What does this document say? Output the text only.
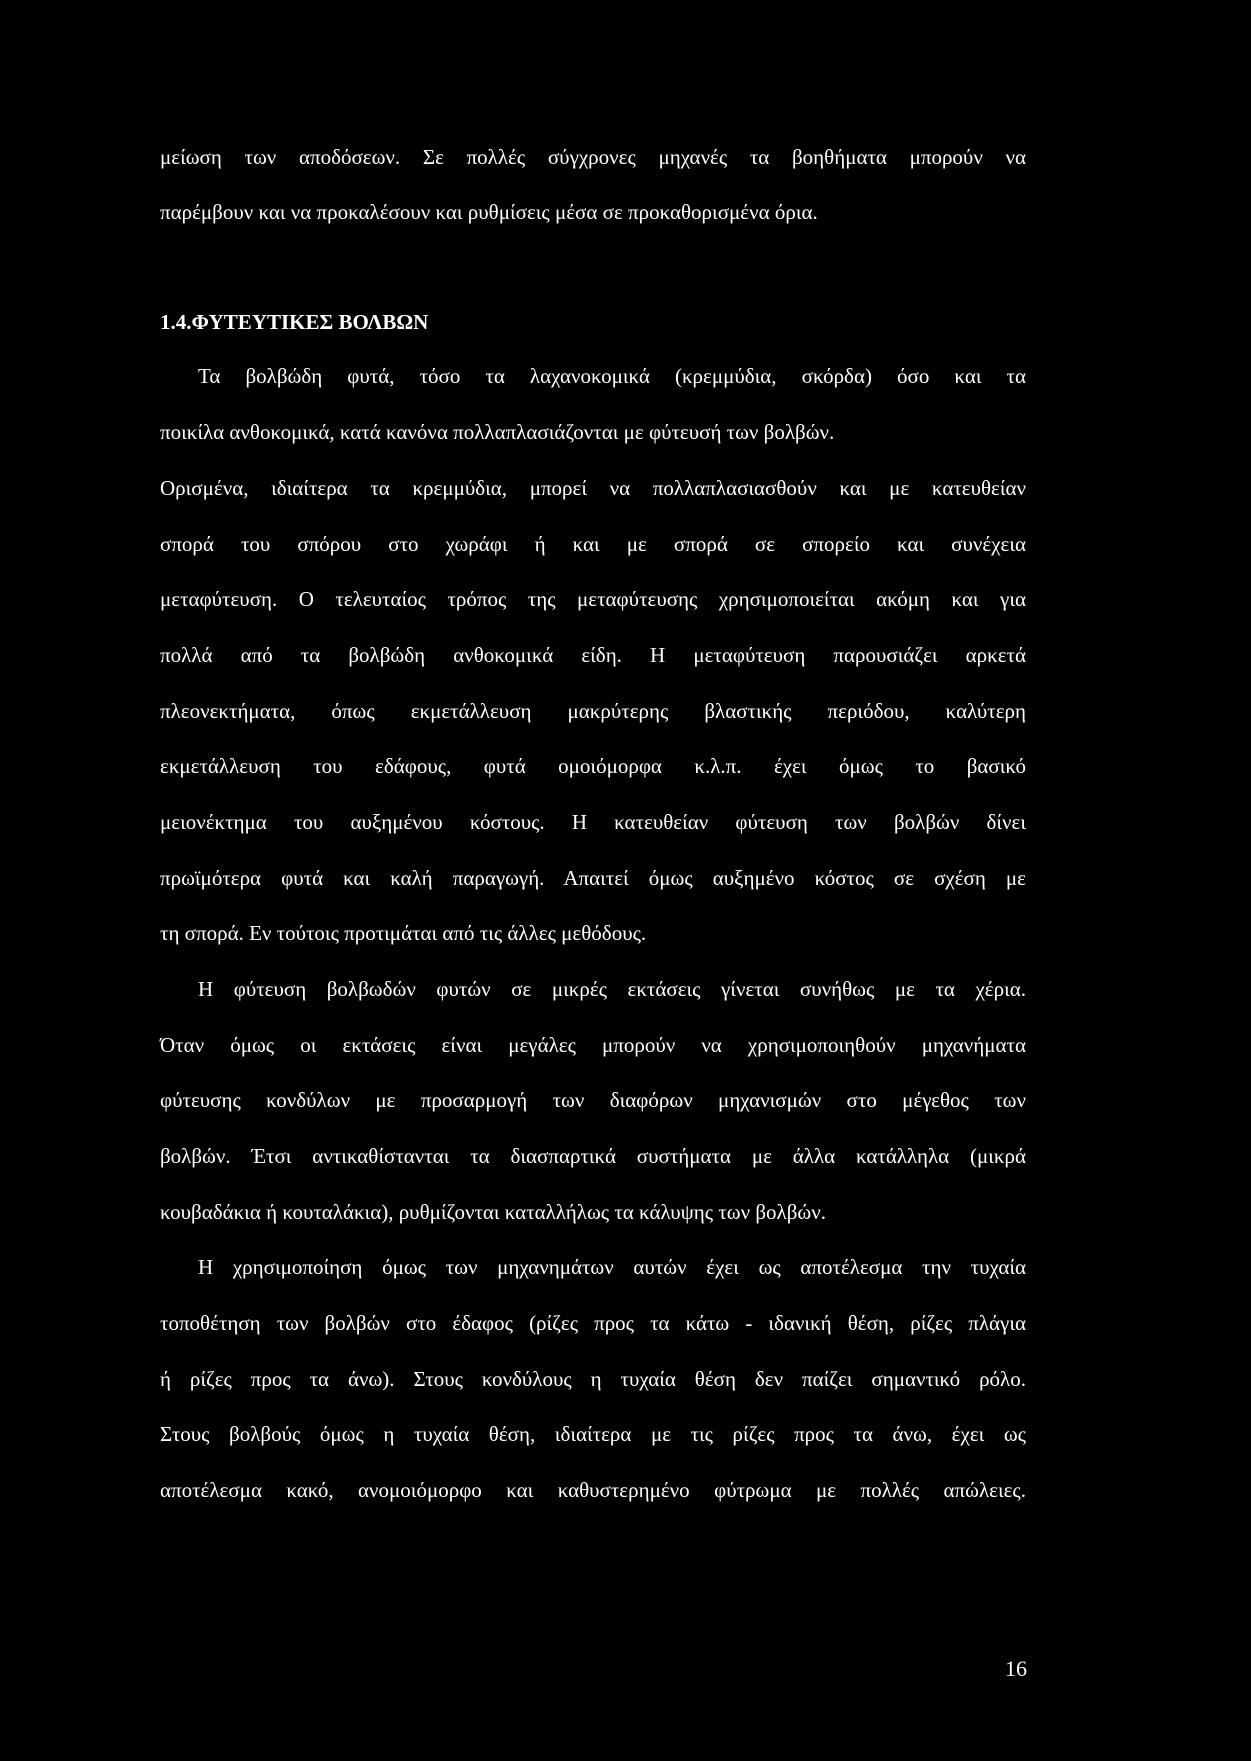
μείωση των αποδόσεων. Σε πολλές σύγχρονες μηχανές τα βοηθήματα μπορούν να
παρέμβουν και να προκαλέσουν και ρυθμίσεις μέσα σε προκαθορισμένα όρια.
1.4.ΦΥΤΕΥΤΙΚΕΣ ΒΟΛΒΩΝ
Τα βολβώδη φυτά, τόσο τα λαχανοκομικά (κρεμμύδια, σκόρδα) όσο και τα
ποικίλα ανθοκομικά, κατά κανόνα πολλαπλασιάζονται με φύτευσή των βολβών.
Ορισμένα, ιδιαίτερα τα κρεμμύδια, μπορεί να πολλαπλασιασθούν και με κατευθείαν
σπορά του σπόρου στο χωράφι ή και με σπορά σε σπορείο και συνέχεια
μεταφύτευση. Ο τελευταίος τρόπος της μεταφύτευσης χρησιμοποιείται ακόμη και για
πολλά από τα βολβώδη ανθοκομικά είδη. Η μεταφύτευση παρουσιάζει αρκετά
πλεονεκτήματα, όπως εκμετάλλευση μακρύτερης βλαστικής περιόδου, καλύτερη
εκμετάλλευση του εδάφους, φυτά ομοιόμορφα κ.λ.π. έχει όμως το βασικό
μειονέκτημα του αυξημένου κόστους. Η κατευθείαν φύτευση των βολβών δίνει
πρωϊμότερα φυτά και καλή παραγωγή. Απαιτεί όμως αυξημένο κόστος σε σχέση με
τη σπορά. Εν τούτοις προτιμάται από τις άλλες μεθόδους.
Η φύτευση βολβωδών φυτών σε μικρές εκτάσεις γίνεται συνήθως με τα χέρια.
Όταν όμως οι εκτάσεις είναι μεγάλες μπορούν να χρησιμοποιηθούν μηχανήματα
φύτευσης κονδύλων με προσαρμογή των διαφόρων μηχανισμών στο μέγεθος των
βολβών. Έτσι αντικαθίστανται τα διασπαρτικά συστήματα με άλλα κατάλληλα (μικρά
κουβαδάκια ή κουταλάκια), ρυθμίζονται καταλλήλως τα κάλυψης των βολβών.
Η χρησιμοποίηση όμως των μηχανημάτων αυτών έχει ως αποτέλεσμα την τυχαία
τοποθέτηση των βολβών στο έδαφος (ρίζες προς τα κάτω - ιδανική θέση, ρίζες πλάγια
ή ρίζες προς τα άνω). Στους κονδύλους η τυχαία θέση δεν παίζει σημαντικό ρόλο.
Στους βολβούς όμως η τυχαία θέση, ιδιαίτερα με τις ρίζες προς τα άνω, έχει ως
αποτέλεσμα κακό, ανομοιόμορφο και καθυστερημένο φύτρωμα με πολλές απώλειες.
16
